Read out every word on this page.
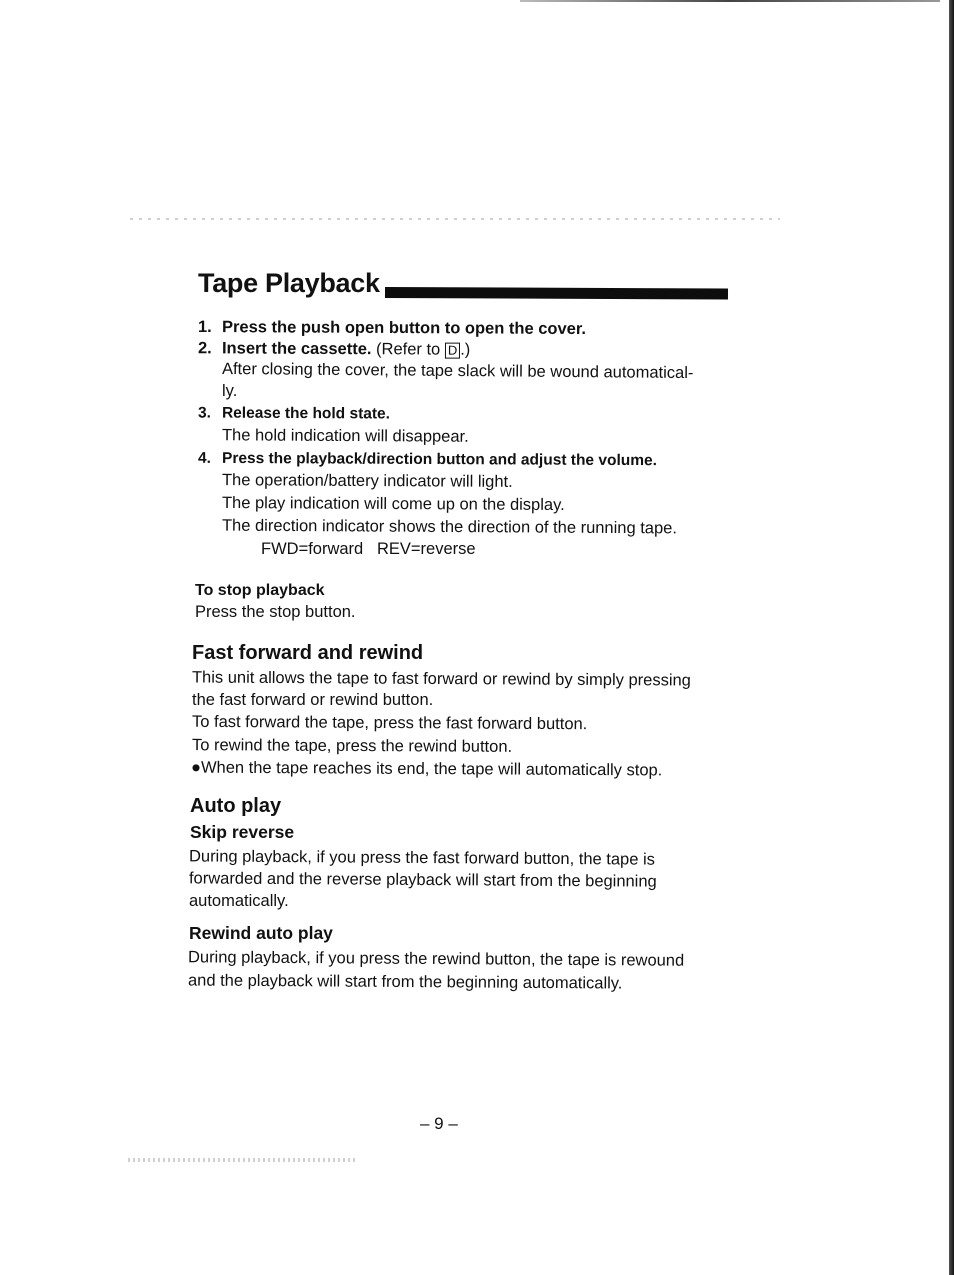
Tape Playback
1. Press the push open button to open the cover.
2. Insert the cassette. (Refer to D .)
After closing the cover, the tape slack will be wound automatical-
ly.
3. Release the hold state.
The hold indication will disappear.
4. Press the playback/direction button and adjust the volume.
The operation/battery indicator will light.
The play indication will come up on the display.
The direction indicator shows the direction of the running tape.
FWD=forward   REV=reverse
To stop playback
Press the stop button.
Fast forward and rewind
This unit allows the tape to fast forward or rewind by simply pressing
the fast forward or rewind button.
To fast forward the tape, press the fast forward button.
To rewind the tape, press the rewind button.
●When the tape reaches its end, the tape will automatically stop.
Auto play
Skip reverse
During playback, if you press the fast forward button, the tape is
forwarded and the reverse playback will start from the beginning
automatically.
Rewind auto play
During playback, if you press the rewind button, the tape is rewound
and the playback will start from the beginning automatically.
– 9 –
